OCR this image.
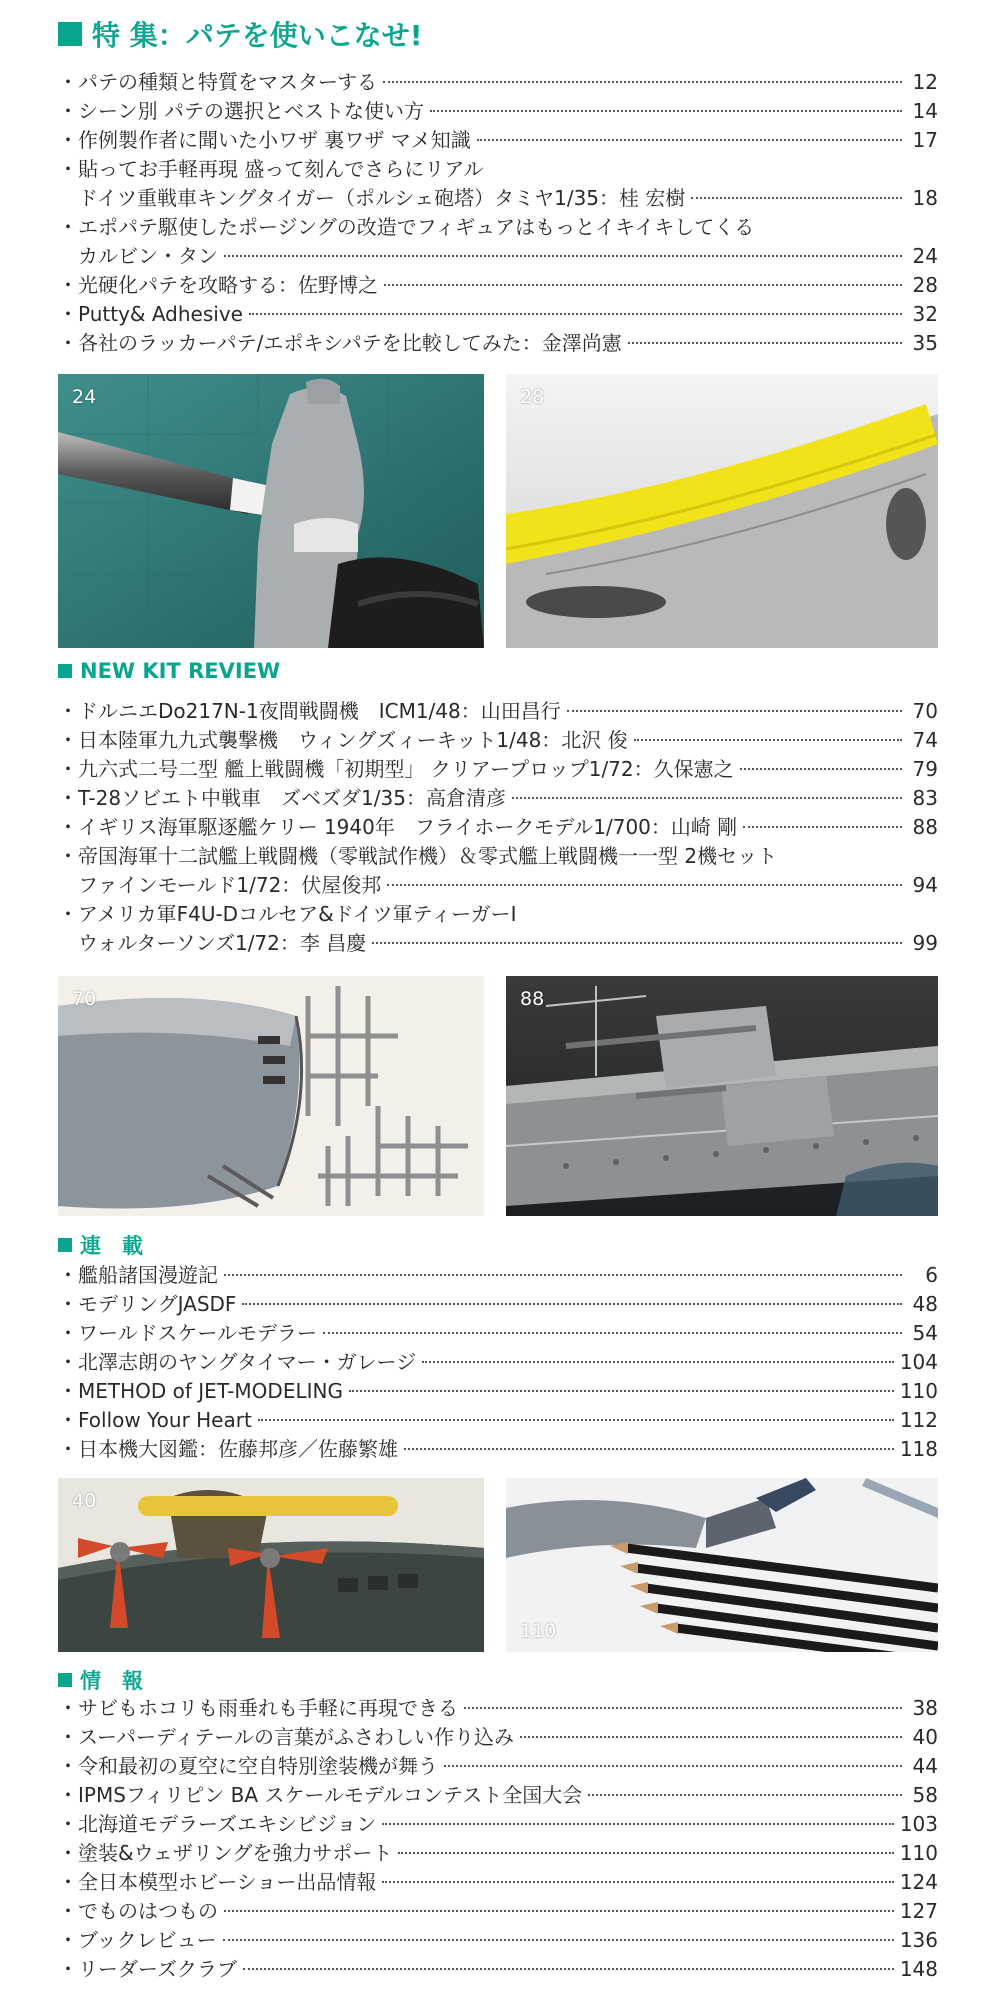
特 集：パテを使いこなせ!
・パテの種類と特質をマスターする	12
・シーン別 パテの選択とベストな使い方	14
・作例製作者に聞いた小ワザ 裏ワザ マメ知識	17
・貼ってお手軽再現 盛って刻んでさらにリアル
ドイツ重戦車キングタイガー（ポルシェ砲塔）タミヤ1/35：桂 宏樹	18
・エポパテ駆使したポージングの改造でフィギュアはもっとイキイキしてくる
カルビン・タン	24
・光硬化パテを攻略する：佐野博之	28
・Putty& Adhesive	32
・各社のラッカーパテ/エポキシパテを比較してみた：金澤尚憲	35
24	28
NEW KIT REVIEW
・ドルニエDo217N-1夜間戦闘機　ICM1/48：山田昌行	70
・日本陸軍九九式襲撃機　ウィングズィーキット1/48：北沢 俊	74
・九六式二号二型 艦上戦闘機「初期型」 クリアープロップ1/72：久保憲之	79
・T-28ソビエト中戦車　ズベズダ1/35：高倉清彦	83
・イギリス海軍駆逐艦ケリー 1940年　フライホークモデル1/700：山崎 剛	88
・帝国海軍十二試艦上戦闘機（零戦試作機）＆零式艦上戦闘機一一型 2機セット
ファインモールド1/72：伏屋俊邦	94
・アメリカ軍F4U-Dコルセア&ドイツ軍ティーガーI
ウォルターソンズ1/72：李 昌慶	99
70	88
連　載
・艦船諸国漫遊記	6
・モデリングJASDF	48
・ワールドスケールモデラー	54
・北澤志朗のヤングタイマー・ガレージ	104
・METHOD of JET-MODELING	110
・Follow Your Heart	112
・日本機大図鑑：佐藤邦彦／佐藤繁雄	118
40
110
情　報
・サビもホコリも雨垂れも手軽に再現できる	38
・スーパーディテールの言葉がふさわしい作り込み	40
・令和最初の夏空に空自特別塗装機が舞う	44
・IPMSフィリピン BA スケールモデルコンテスト全国大会	58
・北海道モデラーズエキシビジョン	103
・塗装&ウェザリングを強力サポート	110
・全日本模型ホビーショー出品情報	124
・でものはつもの	127
・ブックレビュー	136
・リーダーズクラブ	148
